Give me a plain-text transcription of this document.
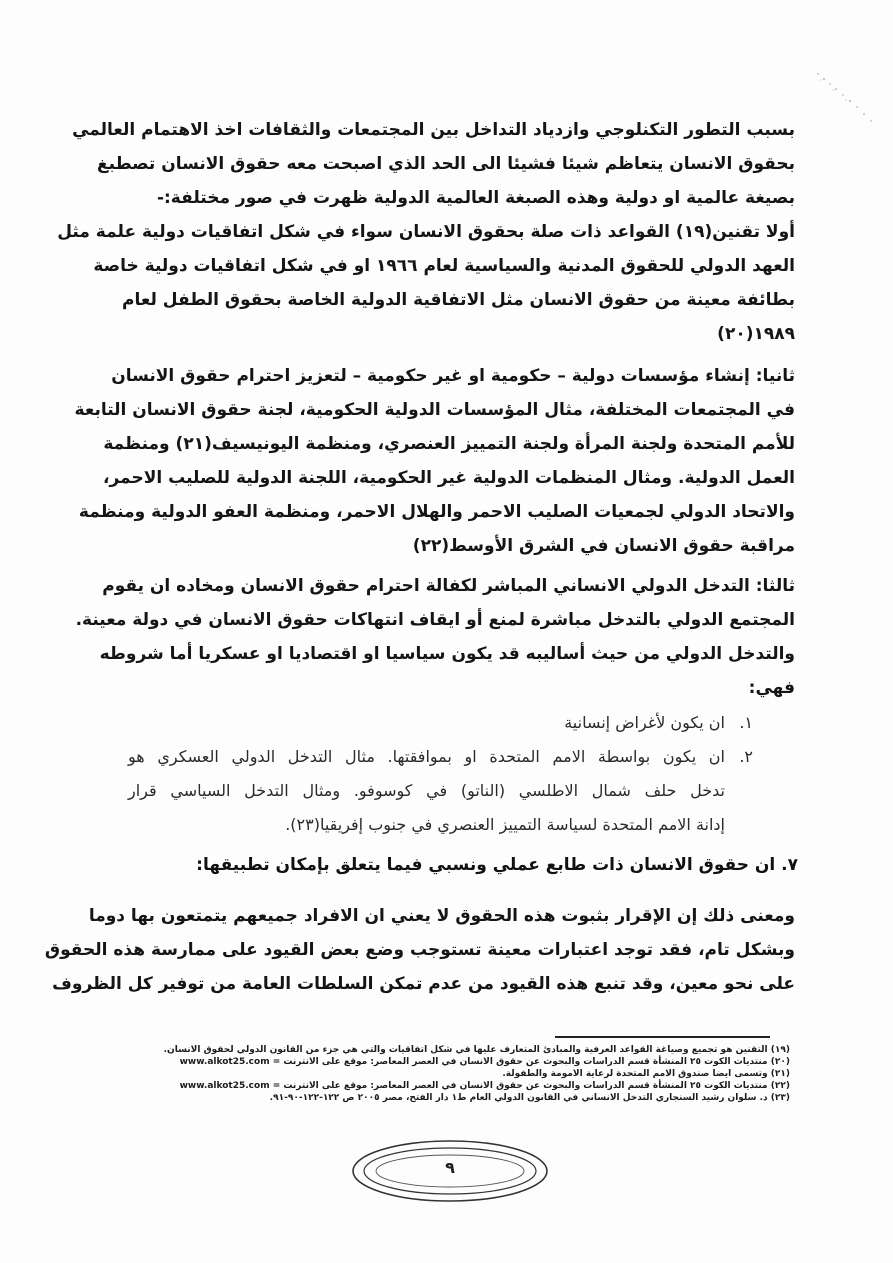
بسبب التطور التكنلوجي وازدياد التداخل بين المجتمعات والثقافات اخذ الاهتمام العالمي
بحقوق الانسان يتعاظم شيئا فشيئا الى الحد الذي اصبحت معه حقوق الانسان تصطبغ
بصيغة عالمية او دولية وهذه الصبغة العالمية الدولية ظهرت في صور مختلفة:-
أولا تقنين(١٩) القواعد ذات صلة بحقوق الانسان سواء في شكل اتفاقيات دولية علمة مثل
العهد الدولي للحقوق المدنية والسياسية لعام ١٩٦٦ او في شكل اتفاقيات دولية خاصة
بطائفة معينة من حقوق الانسان مثل الاتفاقية الدولية الخاصة بحقوق الطفل لعام
١٩٨٩(٢٠)
ثانيا: إنشاء مؤسسات دولية – حكومية او غير حكومية – لتعزيز احترام حقوق الانسان
في المجتمعات المختلفة، مثال المؤسسات الدولية الحكومية، لجنة حقوق الانسان التابعة
للأمم المتحدة ولجنة المرأة ولجنة التمييز العنصري، ومنظمة اليونيسيف(٢١) ومنظمة
العمل الدولية. ومثال المنظمات الدولية غير الحكومية، اللجنة الدولية للصليب الاحمر،
والاتحاد الدولي لجمعيات الصليب الاحمر والهلال الاحمر، ومنظمة العفو الدولية ومنظمة
مراقبة حقوق الانسان في الشرق الأوسط(٢٢)
ثالثا: التدخل الدولي الانساني المباشر لكفالة احترام حقوق الانسان ومخاده ان يقوم
المجتمع الدولي بالتدخل مباشرة لمنع أو ايقاف انتهاكات حقوق الانسان في دولة معينة.
والتدخل الدولي من حيث أساليبه قد يكون سياسيا او اقتصاديا او عسكريا أما شروطه
فهي:
١.
ان يكون لأغراض إنسانية
٢.
ان يكون بواسطة الامم المتحدة او بموافقتها. مثال التدخل الدولي العسكري هو
تدخل حلف شمال الاطلسي (الناتو) في كوسوفو. ومثال التدخل السياسي قرار
إدانة الامم المتحدة لسياسة التمييز العنصري في جنوب إفريقيا(٢٣).
٧. ان حقوق الانسان ذات طابع عملي ونسبي فيما يتعلق بإمكان تطبيقها:
ومعنى ذلك إن الإقرار بثبوت هذه الحقوق لا يعني ان الافراد جميعهم يتمتعون بها دوما
وبشكل تام، فقد توجد اعتبارات معينة تستوجب وضع بعض القيود على ممارسة هذه الحقوق
على نحو معين، وقد تنبع هذه القيود من عدم تمكن السلطات العامة من توفير كل الظروف
(١٩) التقنين هو تجميع وصياغة القواعد العرفية والمبادئ المتعارف عليها في شكل اتفاقيات والتي هي جزء من القانون الدولي لحقوق الانسان.
(٢٠) منتديات الكوت ٢٥ المنشأة قسم الدراسات والبحوث عن حقوق الانسان في العصر المعاصر: موقع على الانترنت = www.alkot25.com
(٢١) وتسمى ايضا صندوق الامم المتحدة لرعاية الامومة والطفولة.
(٢٢) منتديات الكوت ٢٥ المنشأة قسم الدراسات والبحوث عن حقوق الانسان في العصر المعاصر: موقع على الانترنت = www.alkot25.com
(٢٣) د. سلوان رشيد السنجاري التدخل الانساني في القانون الدولي العام ط١ دار الفتح، مصر ٢٠٠٥ ص ١٢٢-١٢٢-٩٠-٩١.
٩
